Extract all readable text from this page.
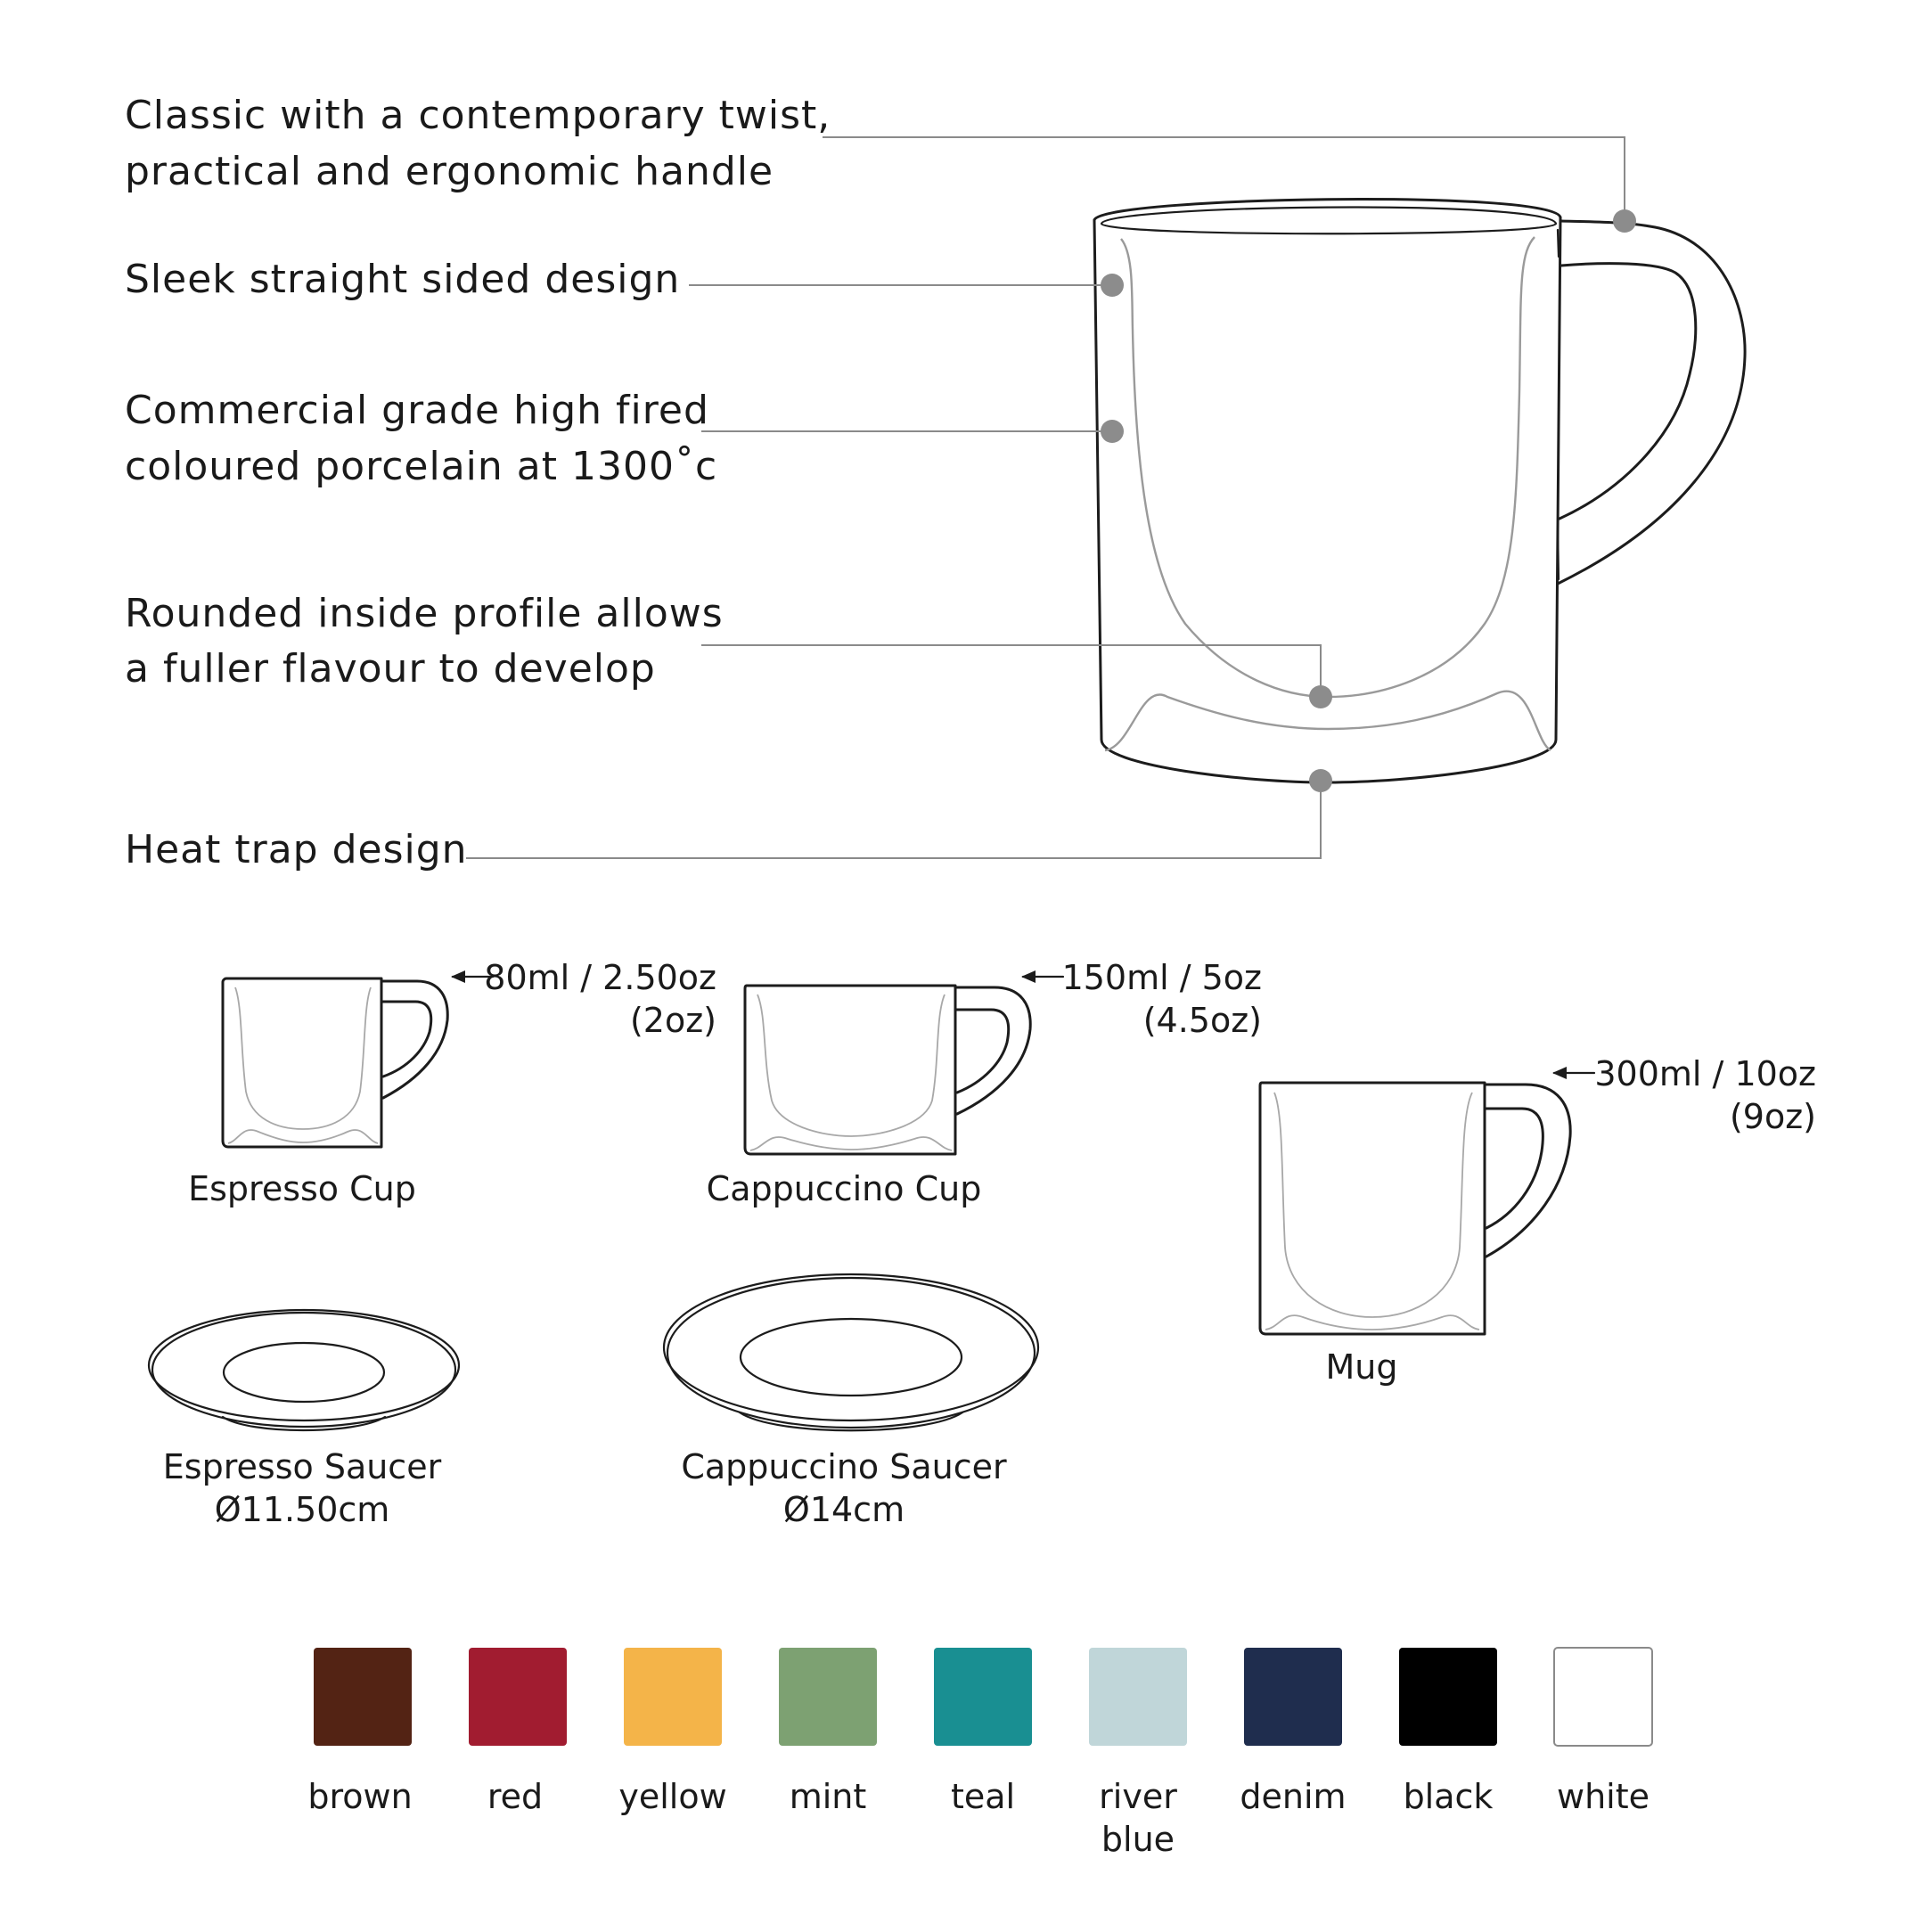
Classic with a contemporary twist,
practical and ergonomic handle
Sleek straight sided design
Commercial grade high fired
coloured porcelain at 1300˚c
Rounded inside profile allows
a fuller flavour to develop
Heat trap design
80ml / 2.50oz
(2oz)
150ml / 5oz
(4.5oz)
300ml / 10oz
(9oz)
Espresso Cup	Cappuccino Cup
Mug
Espresso Saucer
Ø11.50cm
Cappuccino Saucer
Ø14cm
brown red yellow mint teal river
blue
denim black white
